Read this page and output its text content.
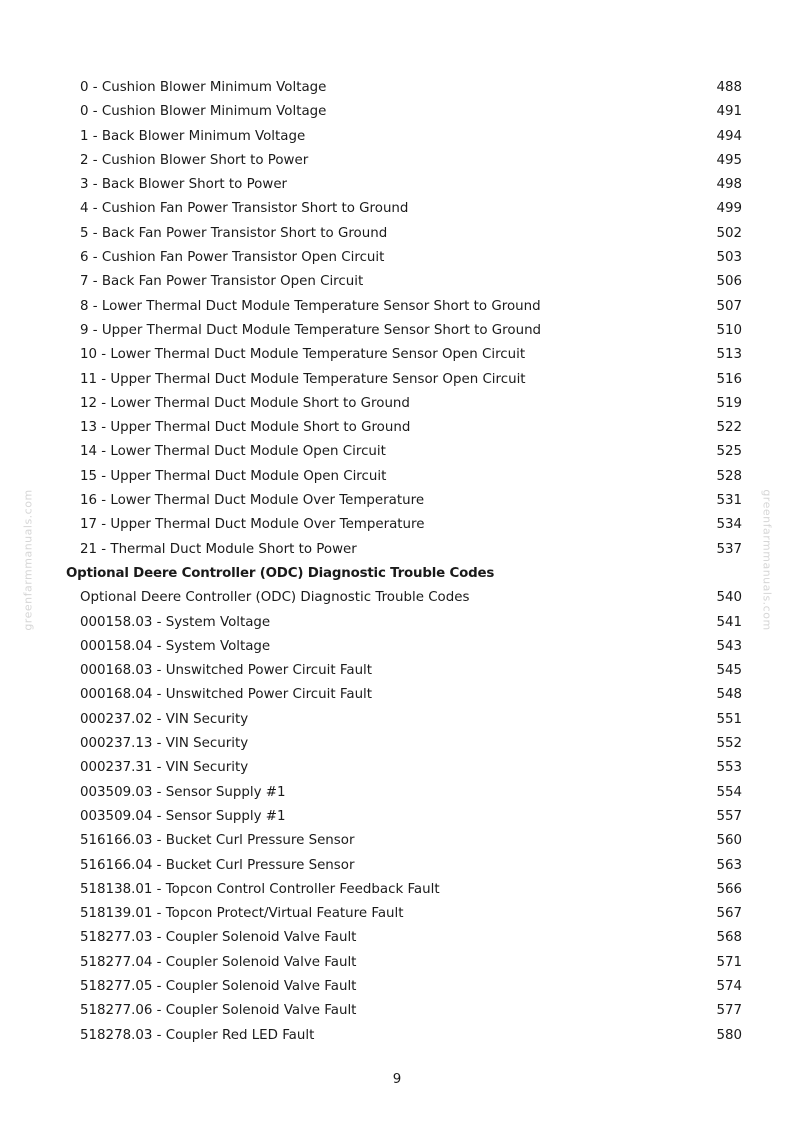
greenfarmmanuals.com	greenfarmmanuals.com
0 - Cushion Blower Minimum Voltage	488
0 - Cushion Blower Minimum Voltage	491
1 - Back Blower Minimum Voltage	494
2 - Cushion Blower Short to Power	495
3 - Back Blower Short to Power	498
4 - Cushion Fan Power Transistor Short to Ground	499
5 - Back Fan Power Transistor Short to Ground	502
6 - Cushion Fan Power Transistor Open Circuit	503
7 - Back Fan Power Transistor Open Circuit	506
8 - Lower Thermal Duct Module Temperature Sensor Short to Ground	507
9 - Upper Thermal Duct Module Temperature Sensor Short to Ground	510
10 - Lower Thermal Duct Module Temperature Sensor Open Circuit	513
11 - Upper Thermal Duct Module Temperature Sensor Open Circuit	516
12 - Lower Thermal Duct Module Short to Ground	519
13 - Upper Thermal Duct Module Short to Ground	522
14 - Lower Thermal Duct Module Open Circuit	525
15 - Upper Thermal Duct Module Open Circuit	528
16 - Lower Thermal Duct Module Over Temperature	531
17 - Upper Thermal Duct Module Over Temperature	534
21 - Thermal Duct Module Short to Power	537
Optional Deere Controller (ODC) Diagnostic Trouble Codes
Optional Deere Controller (ODC) Diagnostic Trouble Codes	540
000158.03 - System Voltage	541
000158.04 - System Voltage	543
000168.03 - Unswitched Power Circuit Fault	545
000168.04 - Unswitched Power Circuit Fault	548
000237.02 - VIN Security	551
000237.13 - VIN Security	552
000237.31 - VIN Security	553
003509.03 - Sensor Supply #1	554
003509.04 - Sensor Supply #1	557
516166.03 - Bucket Curl Pressure Sensor	560
516166.04 - Bucket Curl Pressure Sensor	563
518138.01 - Topcon Control Controller Feedback Fault	566
518139.01 - Topcon Protect/Virtual Feature Fault	567
518277.03 - Coupler Solenoid Valve Fault	568
518277.04 - Coupler Solenoid Valve Fault	571
518277.05 - Coupler Solenoid Valve Fault	574
518277.06 - Coupler Solenoid Valve Fault	577
518278.03 - Coupler Red LED Fault	580
9
